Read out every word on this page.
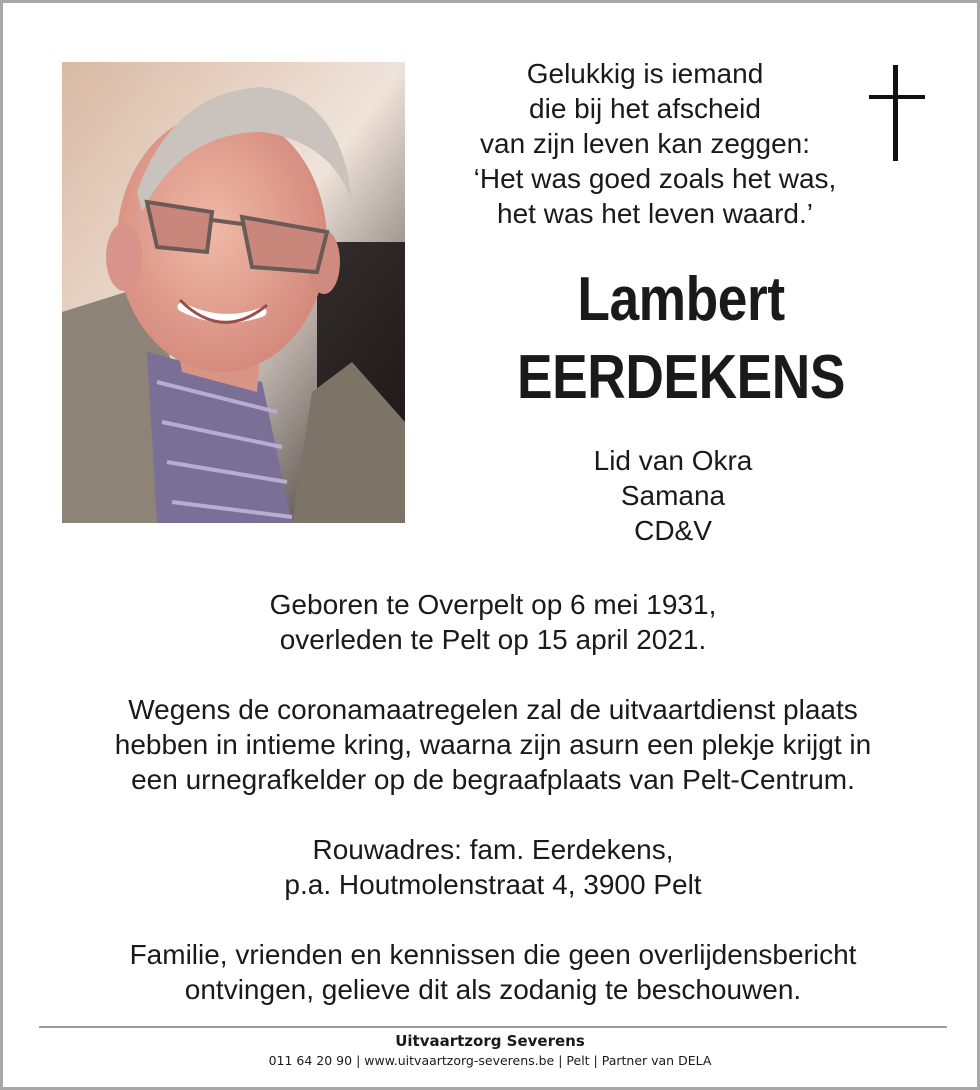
Gelukkig is iemand
die bij het afscheid
van zijn leven kan zeggen:
‘Het was goed zoals het was,
het was het leven waard.’
Lambert
EERDEKENS
Lid van Okra
Samana
CD&V

Geboren te Overpelt op 6 mei 1931,

overleden te Pelt op 15 april 2021.

Wegens de coronamaatregelen zal de uitvaartdienst plaats

hebben in intieme kring, waarna zijn asurn een plekje krijgt in

een urnegrafkelder op de begraafplaats van Pelt-Centrum.

Rouwadres: fam. Eerdekens,

p.a. Houtmolenstraat 4, 3900 Pelt

Familie, vrienden en kennissen die geen overlijdensbericht

ontvingen, gelieve dit als zodanig te beschouwen.

Uitvaartzorg Severens
011 64 20 90 | www.uitvaartzorg-severens.be | Pelt | Partner van DELA
